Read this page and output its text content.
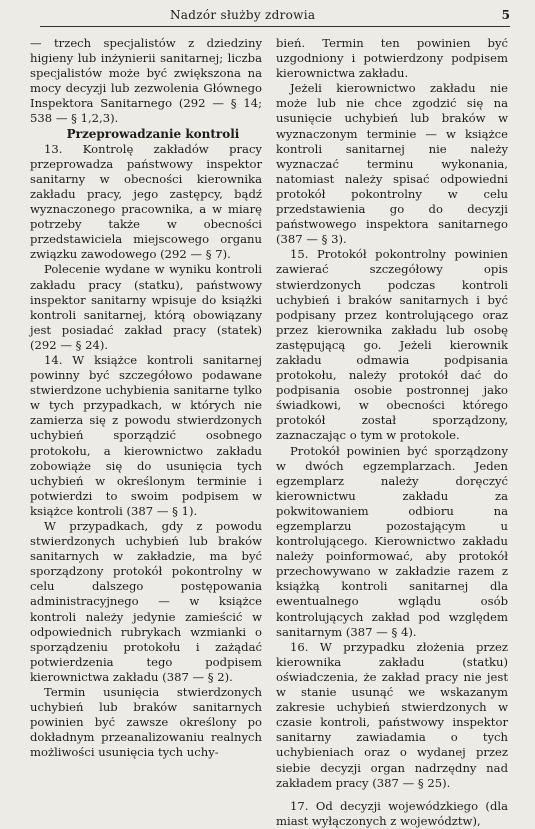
Nadzór służby zdrowia	5

— trzech specjalistów z dziedziny higieny lub inżynierii sanitarnej; liczba specjalistów może być zwiększona na mocy decyzji lub zezwolenia Głównego Inspektora Sanitarnego (292 — § 14; 538 — § 1,2,3).

Przeprowadzanie kontroli

13. Kontrolę zakładów pracy przeprowadza państwowy inspektor sanitarny w obecności kierownika zakładu pracy, jego zastępcy, bądź wyznaczonego pracownika, a w miarę potrzeby także w obecności przedstawiciela miejscowego organu związku zawodowego (292 — § 7).

Polecenie wydane w wyniku kontroli zakładu pracy (statku), państwowy inspektor sanitarny wpisuje do książki kontroli sanitarnej, którą obowiązany jest posiadać zakład pracy (statek) (292 — § 24).

14. W książce kontroli sanitarnej powinny być szczegółowo podawane stwierdzone uchybienia sanitarne tylko w tych przypadkach, w których nie zamierza się z powodu stwierdzonych uchybień sporządzić osobnego protokołu, a kierownictwo zakładu zobowiąże się do usunięcia tych uchybień w określonym terminie i potwierdzi to swoim podpisem w książce kontroli (387 — § 1).

W przypadkach, gdy z powodu stwierdzonych uchybień lub braków sanitarnych w zakładzie, ma być sporządzony protokół pokontrolny w celu dalszego postępowania administracyjnego — w książce kontroli należy jedynie zamieścić w odpowiednich rubrykach wzmianki o sporządzeniu protokołu i zażądać potwierdzenia tego podpisem kierownictwa zakładu (387 — § 2).

Termin usunięcia stwierdzonych uchybień lub braków sanitarnych powinien być zawsze określony po dokładnym przeanalizowaniu realnych możliwości usunięcia tych uchy-

bień. Termin ten powinien być uzgodniony i potwierdzony podpisem kierownictwa zakładu.

Jeżeli kierownictwo zakładu nie może lub nie chce zgodzić się na usunięcie uchybień lub braków w wyznaczonym terminie — w książce kontroli sanitarnej nie należy wyznaczać terminu wykonania, natomiast należy spisać odpowiedni protokół pokontrolny w celu przedstawienia go do decyzji państwowego inspektora sanitarnego (387 — § 3).

15. Protokół pokontrolny powinien zawierać szczegółowy opis stwierdzonych podczas kontroli uchybień i braków sanitarnych i być podpisany przez kontrolującego oraz przez kierownika zakładu lub osobę zastępującą go. Jeżeli kierownik zakładu odmawia podpisania protokołu, należy protokół dać do podpisania osobie postronnej jako świadkowi, w obecności którego protokół został sporządzony, zaznaczając o tym w protokole.

Protokół powinien być sporządzony w dwóch egzemplarzach. Jeden egzemplarz należy doręczyć kierownictwu zakładu za pokwitowaniem odbioru na egzemplarzu pozostającym u kontrolującego. Kierownictwo zakładu należy poinformować, aby protokół przechowywano w zakładzie razem z książką kontroli sanitarnej dla ewentualnego wglądu osób kontrolujących zakład pod względem sanitarnym (387 — § 4).

16. W przypadku złożenia przez kierownika zakładu (statku) oświadczenia, że zakład pracy nie jest w stanie usunąć we wskazanym zakresie uchybień stwierdzonych w czasie kontroli, państwowy inspektor sanitarny zawiadamia o tych uchybieniach oraz o wydanej przez siebie decyzji organ nadrzędny nad zakładem pracy (387 — § 25).

17. Od decyzji wojewódzkiego (dla miast wyłączonych z województw),
